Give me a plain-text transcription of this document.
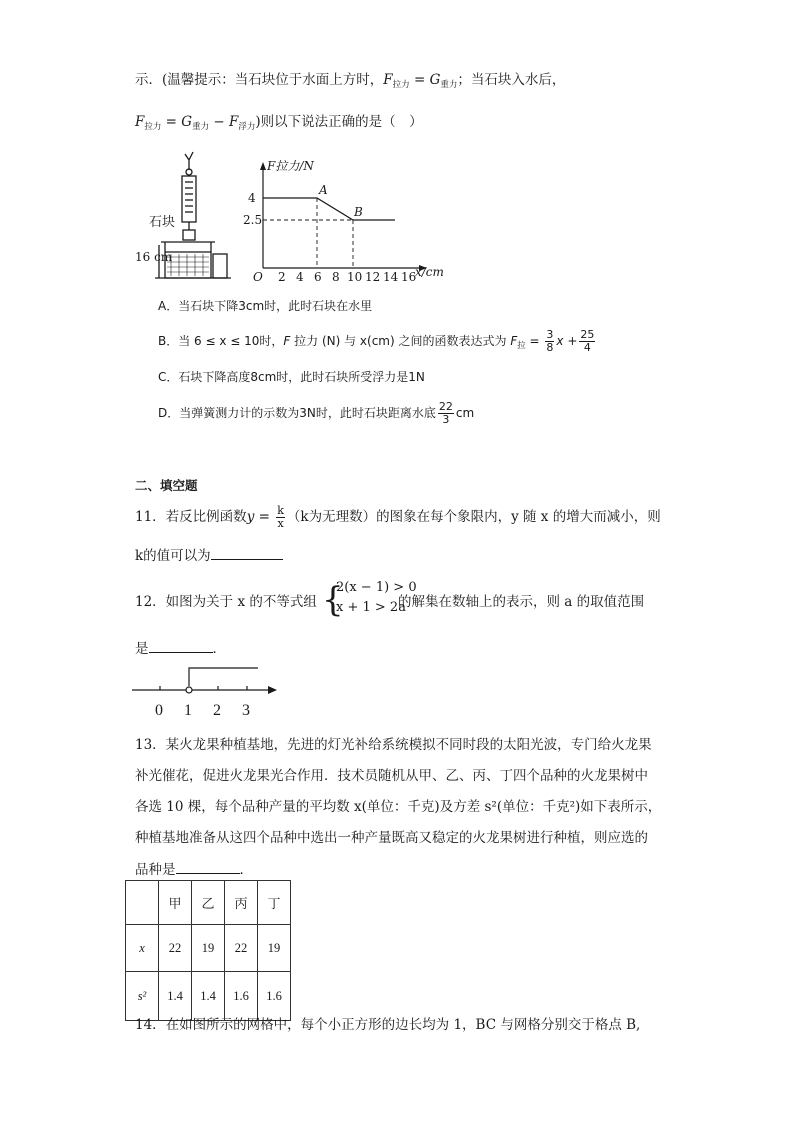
示．(温馨提示：当石块位于水面上方时，$F_{拉力} = G_{重力}$；当石块入水后，
$F_{拉力} = G_{重力} - F_{浮力}$)则以下说法正确的是（　）
石块
16 cm
F拉力/N
4
2.5
O 2 4 6 8 10 12 14 16
x/cm
A
B
A．当石块下降3cm时，此时石块在水里
B．当 6 ≤ x ≤ 10时，F 拉力 (N) 与 x(cm) 之间的函数表达式为 $F_拉 = \frac{3}{8}$ $x + \frac{25}{4}$
C．石块下降高度8cm时，此时石块所受浮力是1N
D．当弹簧测力计的示数为3N时，此时石块距离水底 $\frac{22}{3}$ cm
二、填空题
11．若反比例函数$y = \frac{k}{x} (k$为无理数）的图象在每个象限内，y 随 x 的增大而减小，则
k的值可以为
12．如图为关于 x 的不等式组 {
2(x − 1) > 0
x + 1 > 2a
的解集在数轴上的表示，则 a 的取值范围
是	．
0 1 2 3
13．某火龙果种植基地，先进的灯光补给系统模拟不同时段的太阳光波，专门给火龙果
补光催花，促进火龙果光合作用．技术员随机从甲、乙、丙、丁四个品种的火龙果树中
各选 10 棵，每个品种产量的平均数 x(单位：千克)及方差 s²(单位：千克²)如下表所示，
种植基地准备从这四个品种中选出一种产量既高又稳定的火龙果树进行种植，则应选的
品种是	．
	甲	乙	丙	丁
x	22	19	22	19
s²	1.4	1.4	1.6	1.6
14．在如图所示的网格中，每个小正方形的边长均为 1，BC 与网格分别交于格点 B,
